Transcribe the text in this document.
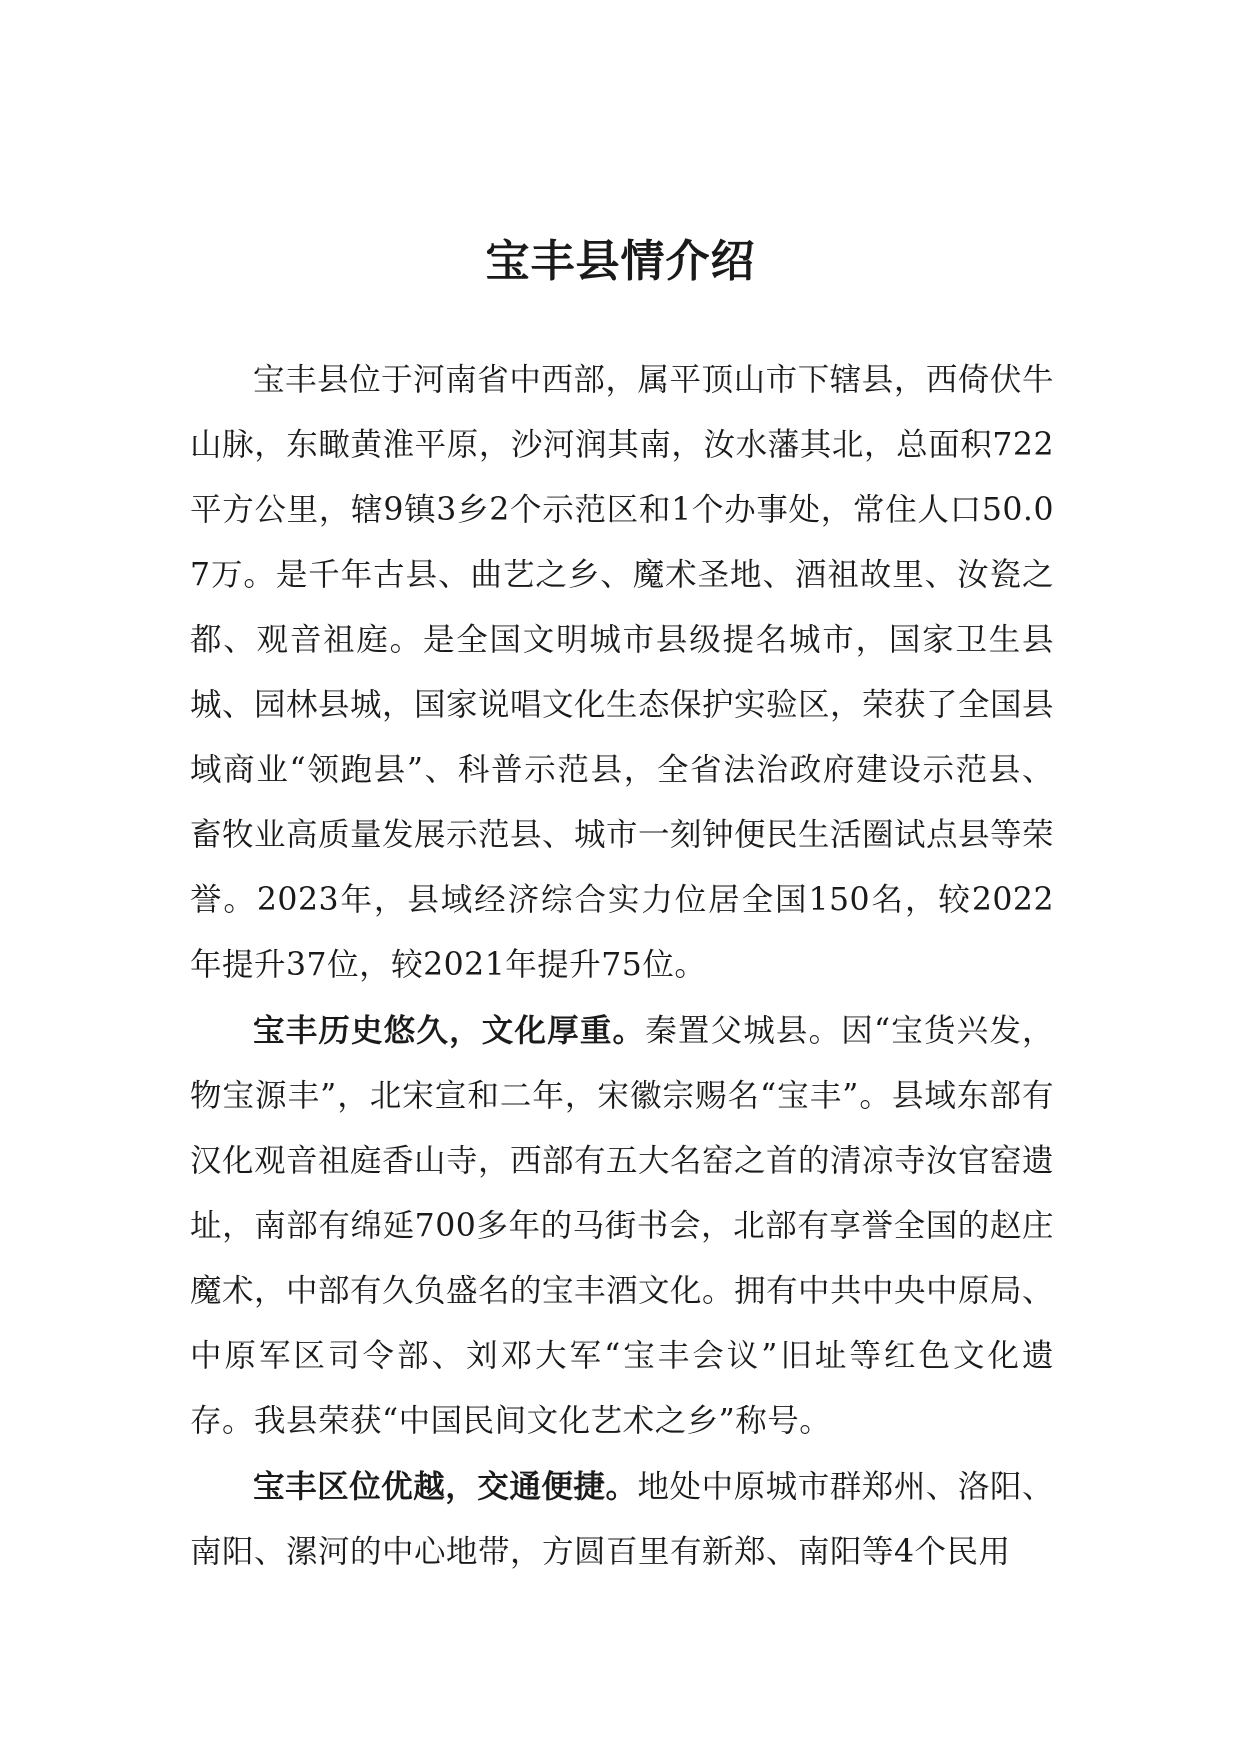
宝丰县情介绍

宝丰县位于河南省中西部，属平顶山市下辖县，西倚伏牛山脉，东瞰黄淮平原，沙河润其南，汝水藩其北，总面积722平方公里，辖9镇3乡2个示范区和1个办事处，常住人口50.07万。是千年古县、曲艺之乡、魔术圣地、酒祖故里、汝瓷之都、观音祖庭。是全国文明城市县级提名城市，国家卫生县城、园林县城，国家说唱文化生态保护实验区，荣获了全国县域商业“领跑县”、科普示范县，全省法治政府建设示范县、畜牧业高质量发展示范县、城市一刻钟便民生活圈试点县等荣誉。2023年，县域经济综合实力位居全国150名，较2022年提升37位，较2021年提升75位。

宝丰历史悠久，文化厚重。秦置父城县。因“宝货兴发，物宝源丰”，北宋宣和二年，宋徽宗赐名“宝丰”。县域东部有汉化观音祖庭香山寺，西部有五大名窑之首的清凉寺汝官窑遗址，南部有绵延700多年的马街书会，北部有享誉全国的赵庄魔术，中部有久负盛名的宝丰酒文化。拥有中共中央中原局、中原军区司令部、刘邓大军“宝丰会议”旧址等红色文化遗存。我县荣获“中国民间文化艺术之乡”称号。

宝丰区位优越，交通便捷。地处中原城市群郑州、洛阳、南阳、漯河的中心地带，方圆百里有新郑、南阳等4个民用
